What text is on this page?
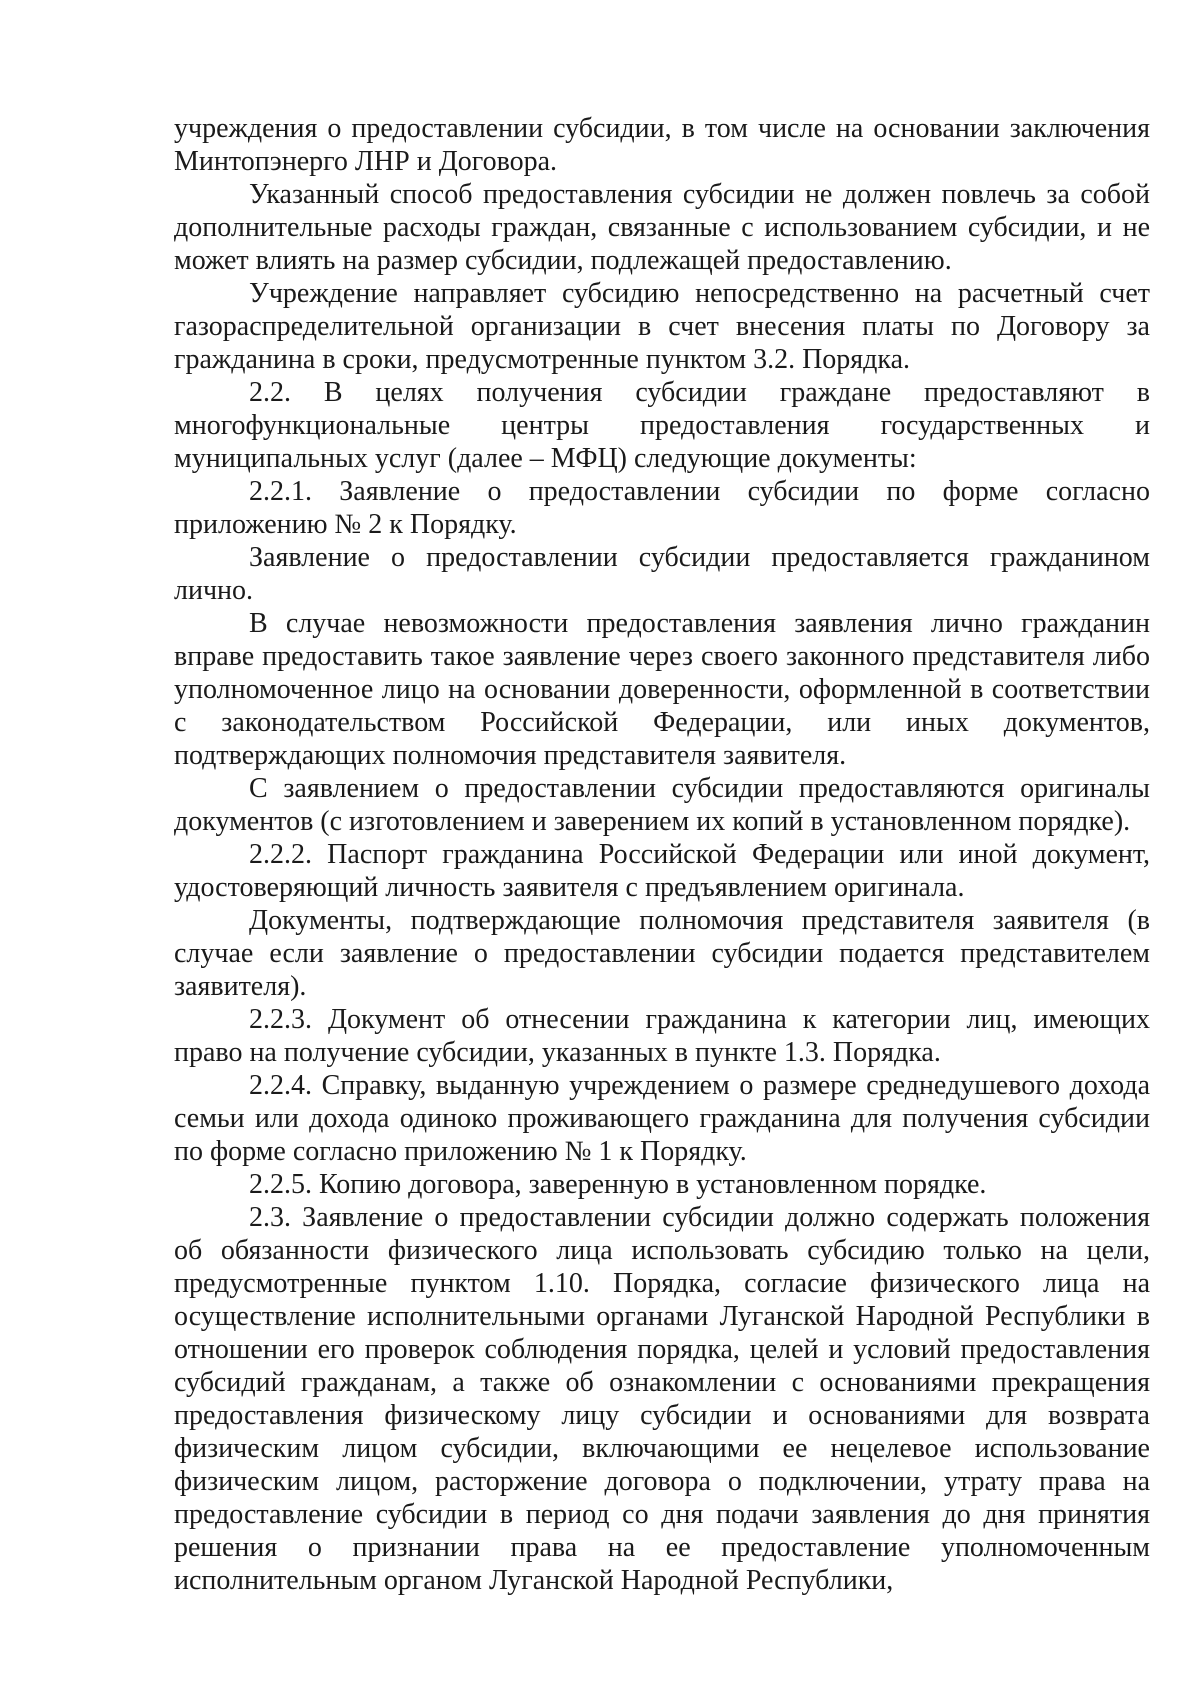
учреждения о предоставлении субсидии, в том числе на основании заключения Минтопэнерго ЛНР и Договора.

Указанный способ предоставления субсидии не должен повлечь за собой дополнительные расходы граждан, связанные с использованием субсидии, и не может влиять на размер субсидии, подлежащей предоставлению.

Учреждение направляет субсидию непосредственно на расчетный счет газораспределительной организации в счет внесения платы по Договору за гражданина в сроки, предусмотренные пунктом 3.2. Порядка.

2.2. В целях получения субсидии граждане предоставляют в многофункциональные центры предоставления государственных и муниципальных услуг (далее – МФЦ) следующие документы:

2.2.1. Заявление о предоставлении субсидии по форме согласно приложению № 2 к Порядку.

Заявление о предоставлении субсидии предоставляется гражданином лично.

В случае невозможности предоставления заявления лично гражданин вправе предоставить такое заявление через своего законного представителя либо уполномоченное лицо на основании доверенности, оформленной в соответствии с законодательством Российской Федерации, или иных документов, подтверждающих полномочия представителя заявителя.

С заявлением о предоставлении субсидии предоставляются оригиналы документов (с изготовлением и заверением их копий в установленном порядке).

2.2.2. Паспорт гражданина Российской Федерации или иной документ, удостоверяющий личность заявителя с предъявлением оригинала.

Документы, подтверждающие полномочия представителя заявителя (в случае если заявление о предоставлении субсидии подается представителем заявителя).

2.2.3. Документ об отнесении гражданина к категории лиц, имеющих право на получение субсидии, указанных в пункте 1.3. Порядка.

2.2.4. Справку, выданную учреждением о размере среднедушевого дохода семьи или дохода одиноко проживающего гражданина для получения субсидии по форме согласно приложению № 1 к Порядку.

2.2.5. Копию договора, заверенную в установленном порядке.

2.3. Заявление о предоставлении субсидии должно содержать положения об обязанности физического лица использовать субсидию только на цели, предусмотренные пунктом 1.10. Порядка, согласие физического лица на осуществление исполнительными органами Луганской Народной Республики в отношении его проверок соблюдения порядка, целей и условий предоставления субсидий гражданам, а также об ознакомлении с основаниями прекращения предоставления физическому лицу субсидии и основаниями для возврата физическим лицом субсидии, включающими ее нецелевое использование физическим лицом, расторжение договора о подключении, утрату права на предоставление субсидии в период со дня подачи заявления до дня принятия решения о признании права на ее предоставление уполномоченным исполнительным органом Луганской Народной Республики,
